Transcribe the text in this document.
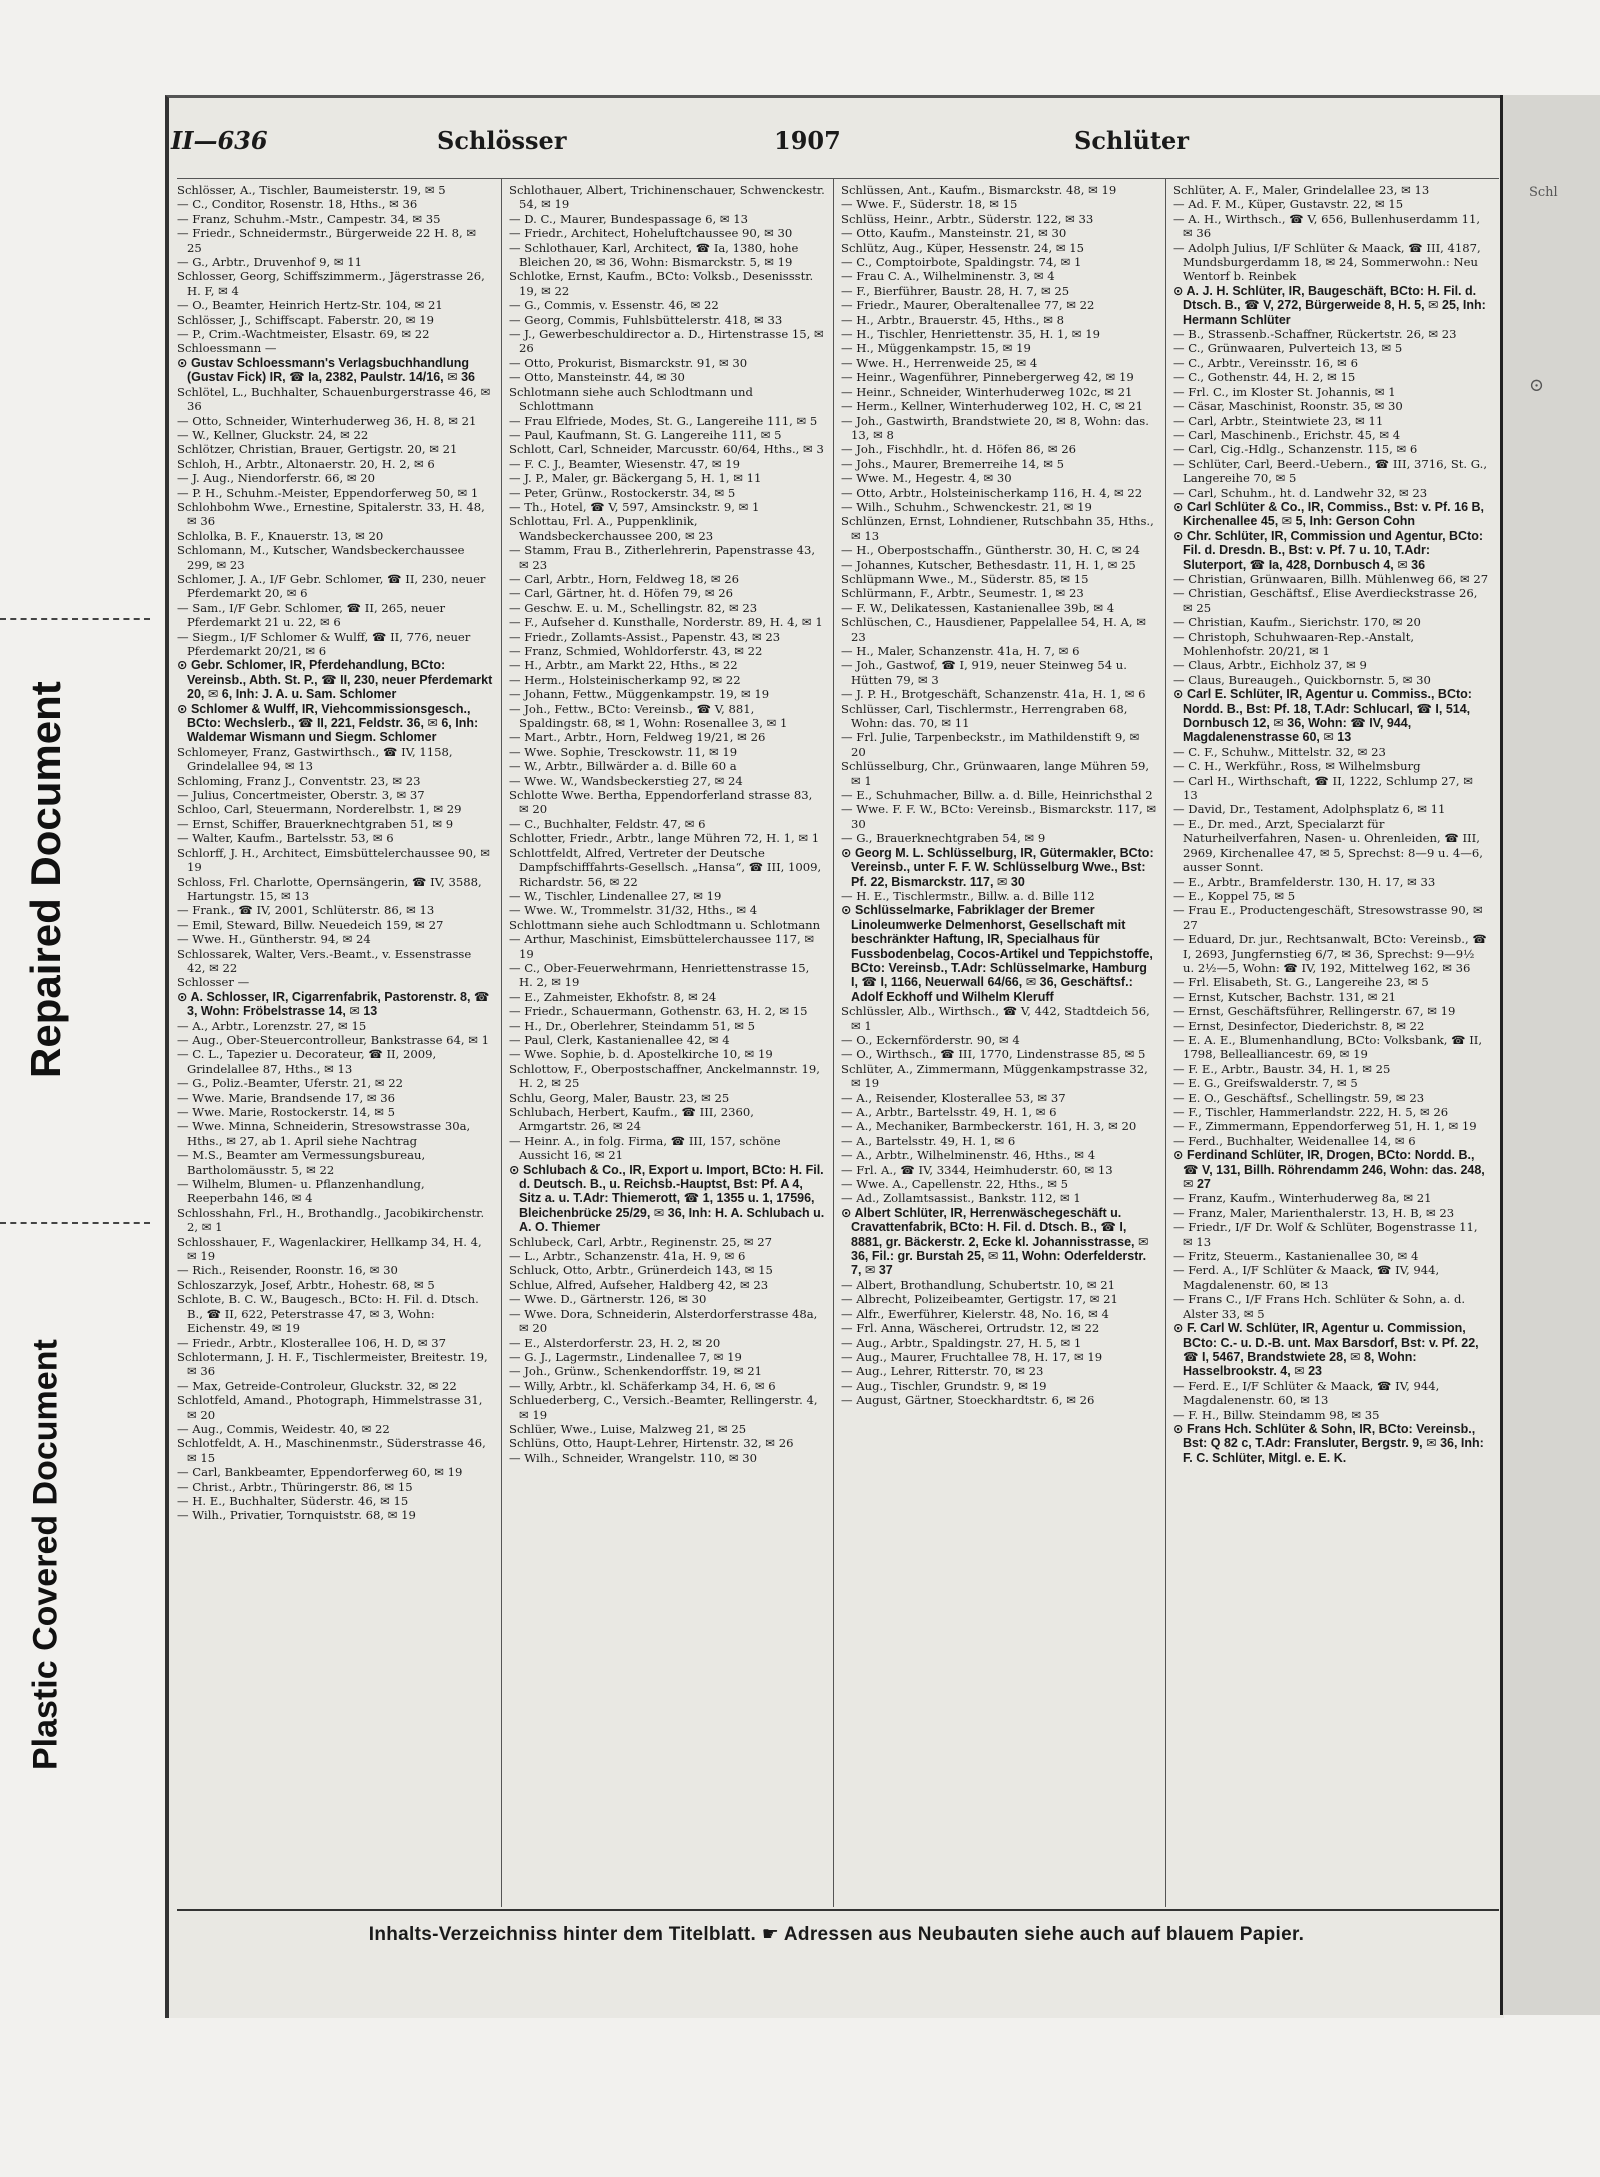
Repaired Document
Plastic Covered Document
II—636	Schlösser	1907	Schlüter

Schlösser, A., Tischler, Baumeisterstr. 19, ✉ 5

— C., Conditor, Rosenstr. 18, Hths., ✉ 36

— Franz, Schuhm.-Mstr., Campestr. 34, ✉ 35

— Friedr., Schneidermstr., Bürgerweide 22 H. 8, ✉ 25

— G., Arbtr., Druvenhof 9, ✉ 11

Schlosser, Georg, Schiffszimmerm., Jägerstrasse 26, H. F, ✉ 4

— O., Beamter, Heinrich Hertz-Str. 104, ✉ 21

Schlösser, J., Schiffscapt. Faberstr. 20, ✉ 19

— P., Crim.-Wachtmeister, Elsastr. 69, ✉ 22

Schloessmann —

⊙ Gustav Schloessmann's Verlagsbuchhandlung (Gustav Fick) IR, ☎ Ia, 2382, Paulstr. 14/16, ✉ 36

Schlötel, L., Buchhalter, Schauenburgerstrasse 46, ✉ 36

— Otto, Schneider, Winterhuderweg 36, H. 8, ✉ 21

— W., Kellner, Gluckstr. 24, ✉ 22

Schlötzer, Christian, Brauer, Gertigstr. 20, ✉ 21

Schloh, H., Arbtr., Altonaerstr. 20, H. 2, ✉ 6

— J. Aug., Niendorferstr. 66, ✉ 20

— P. H., Schuhm.-Meister, Eppendorferweg 50, ✉ 1

Schlohbohm Wwe., Ernestine, Spitalerstr. 33, H. 48, ✉ 36

Schlolka, B. F., Knauerstr. 13, ✉ 20

Schlomann, M., Kutscher, Wandsbeckerchaussee 299, ✉ 23

Schlomer, J. A., I/F Gebr. Schlomer, ☎ II, 230, neuer Pferdemarkt 20, ✉ 6

— Sam., I/F Gebr. Schlomer, ☎ II, 265, neuer Pferdemarkt 21 u. 22, ✉ 6

— Siegm., I/F Schlomer & Wulff, ☎ II, 776, neuer Pferdemarkt 20/21, ✉ 6

⊙ Gebr. Schlomer, IR, Pferdehandlung, BCto: Vereinsb., Abth. St. P., ☎ II, 230, neuer Pferdemarkt 20, ✉ 6, Inh: J. A. u. Sam. Schlomer

⊙ Schlomer & Wulff, IR, Viehcommissionsgesch., BCto: Wechslerb., ☎ II, 221, Feldstr. 36, ✉ 6, Inh: Waldemar Wismann und Siegm. Schlomer

Schlomeyer, Franz, Gastwirthsch., ☎ IV, 1158, Grindelallee 94, ✉ 13

Schloming, Franz J., Conventstr. 23, ✉ 23

— Julius, Concertmeister, Oberstr. 3, ✉ 37

Schloo, Carl, Steuermann, Norderelbstr. 1, ✉ 29

— Ernst, Schiffer, Brauerknechtgraben 51, ✉ 9

— Walter, Kaufm., Bartelsstr. 53, ✉ 6

Schlorff, J. H., Architect, Eimsbüttelerchaussee 90, ✉ 19

Schloss, Frl. Charlotte, Opernsängerin, ☎ IV, 3588, Hartungstr. 15, ✉ 13

— Frank., ☎ IV, 2001, Schlüterstr. 86, ✉ 13

— Emil, Steward, Billw. Neuedeich 159, ✉ 27

— Wwe. H., Güntherstr. 94, ✉ 24

Schlossarek, Walter, Vers.-Beamt., v. Essenstrasse 42, ✉ 22

Schlosser —

⊙ A. Schlosser, IR, Cigarrenfabrik, Pastorenstr. 8, ☎ 3, Wohn: Fröbelstrasse 14, ✉ 13

— A., Arbtr., Lorenzstr. 27, ✉ 15

— Aug., Ober-Steuercontrolleur, Bankstrasse 64, ✉ 1

— C. L., Tapezier u. Decorateur, ☎ II, 2009, Grindelallee 87, Hths., ✉ 13

— G., Poliz.-Beamter, Uferstr. 21, ✉ 22

— Wwe. Marie, Brandsende 17, ✉ 36

— Wwe. Marie, Rostockerstr. 14, ✉ 5

— Wwe. Minna, Schneiderin, Stresowstrasse 30a, Hths., ✉ 27, ab 1. April siehe Nachtrag

— M.S., Beamter am Vermessungsbureau, Bartholomäusstr. 5, ✉ 22

— Wilhelm, Blumen- u. Pflanzenhandlung, Reeperbahn 146, ✉ 4

Schlosshahn, Frl., H., Brothandlg., Jacobikirchenstr. 2, ✉ 1

Schlosshauer, F., Wagenlackirer, Hellkamp 34, H. 4, ✉ 19

— Rich., Reisender, Roonstr. 16, ✉ 30

Schloszarzyk, Josef, Arbtr., Hohestr. 68, ✉ 5

Schlote, B. C. W., Baugesch., BCto: H. Fil. d. Dtsch. B., ☎ II, 622, Peterstrasse 47, ✉ 3, Wohn: Eichenstr. 49, ✉ 19

— Friedr., Arbtr., Klosterallee 106, H. D, ✉ 37

Schlotermann, J. H. F., Tischlermeister, Breitestr. 19, ✉ 36

— Max, Getreide-Controleur, Gluckstr. 32, ✉ 22

Schlotfeld, Amand., Photograph, Himmelstrasse 31, ✉ 20

— Aug., Commis, Weidestr. 40, ✉ 22

Schlotfeldt, A. H., Maschinenmstr., Süderstrasse 46, ✉ 15

— Carl, Bankbeamter, Eppendorferweg 60, ✉ 19

— Christ., Arbtr., Thüringerstr. 86, ✉ 15

— H. E., Buchhalter, Süderstr. 46, ✉ 15

— Wilh., Privatier, Tornquiststr. 68, ✉ 19

Schlothauer, Albert, Trichinenschauer, Schwenckestr. 54, ✉ 19

— D. C., Maurer, Bundespassage 6, ✉ 13

— Friedr., Architect, Hoheluftchaussee 90, ✉ 30

— Schlothauer, Karl, Architect, ☎ Ia, 1380, hohe Bleichen 20, ✉ 36, Wohn: Bismarckstr. 5, ✉ 19

Schlotke, Ernst, Kaufm., BCto: Volksb., Desenissstr. 19, ✉ 22

— G., Commis, v. Essenstr. 46, ✉ 22

— Georg, Commis, Fuhlsbüttelerstr. 418, ✉ 33

— J., Gewerbeschuldirector a. D., Hirtenstrasse 15, ✉ 26

— Otto, Prokurist, Bismarckstr. 91, ✉ 30

— Otto, Mansteinstr. 44, ✉ 30

Schlotmann siehe auch Schlodtmann und Schlottmann

— Frau Elfriede, Modes, St. G., Langereihe 111, ✉ 5

— Paul, Kaufmann, St. G. Langereihe 111, ✉ 5

Schlott, Carl, Schneider, Marcusstr. 60/64, Hths., ✉ 3

— F. C. J., Beamter, Wiesenstr. 47, ✉ 19

— J. P., Maler, gr. Bäckergang 5, H. 1, ✉ 11

— Peter, Grünw., Rostockerstr. 34, ✉ 5

— Th., Hotel, ☎ V, 597, Amsinckstr. 9, ✉ 1

Schlottau, Frl. A., Puppenklinik, Wandsbeckerchaussee 200, ✉ 23

— Stamm, Frau B., Zitherlehrerin, Papenstrasse 43, ✉ 23

— Carl, Arbtr., Horn, Feldweg 18, ✉ 26

— Carl, Gärtner, ht. d. Höfen 79, ✉ 26

— Geschw. E. u. M., Schellingstr. 82, ✉ 23

— F., Aufseher d. Kunsthalle, Norderstr. 89, H. 4, ✉ 1

— Friedr., Zollamts-Assist., Papenstr. 43, ✉ 23

— Franz, Schmied, Wohldorferstr. 43, ✉ 22

— H., Arbtr., am Markt 22, Hths., ✉ 22

— Herm., Holsteinischerkamp 92, ✉ 22

— Johann, Fettw., Müggenkampstr. 19, ✉ 19

— Joh., Fettw., BCto: Vereinsb., ☎ V, 881, Spaldingstr. 68, ✉ 1, Wohn: Rosenallee 3, ✉ 1

— Mart., Arbtr., Horn, Feldweg 19/21, ✉ 26

— Wwe. Sophie, Tresckowstr. 11, ✉ 19

— W., Arbtr., Billwärder a. d. Bille 60 a

— Wwe. W., Wandsbeckerstieg 27, ✉ 24

Schlotte Wwe. Bertha, Eppendorferland strasse 83, ✉ 20

— C., Buchhalter, Feldstr. 47, ✉ 6

Schlotter, Friedr., Arbtr., lange Mühren 72, H. 1, ✉ 1

Schlottfeldt, Alfred, Vertreter der Deutsche Dampfschifffahrts-Gesellsch. „Hansa“, ☎ III, 1009, Richardstr. 56, ✉ 22

— W., Tischler, Lindenallee 27, ✉ 19

— Wwe. W., Trommelstr. 31/32, Hths., ✉ 4

Schlottmann siehe auch Schlodtmann u. Schlotmann

— Arthur, Maschinist, Eimsbüttelerchaussee 117, ✉ 19

— C., Ober-Feuerwehrmann, Henriettenstrasse 15, H. 2, ✉ 19

— E., Zahmeister, Ekhofstr. 8, ✉ 24

— Friedr., Schauermann, Gothenstr. 63, H. 2, ✉ 15

— H., Dr., Oberlehrer, Steindamm 51, ✉ 5

— Paul, Clerk, Kastanienallee 42, ✉ 4

— Wwe. Sophie, b. d. Apostelkirche 10, ✉ 19

Schlottow, F., Oberpostschaffner, Anckelmannstr. 19, H. 2, ✉ 25

Schlu, Georg, Maler, Baustr. 23, ✉ 25

Schlubach, Herbert, Kaufm., ☎ III, 2360, Armgartstr. 26, ✉ 24

— Heinr. A., in folg. Firma, ☎ III, 157, schöne Aussicht 16, ✉ 21

⊙ Schlubach & Co., IR, Export u. Import, BCto: H. Fil. d. Deutsch. B., u. Reichsb.-Hauptst, Bst: Pf. A 4, Sitz a. u. T.Adr: Thiemerott, ☎ 1, 1355 u. 1, 17596, Bleichenbrücke 25/29, ✉ 36, Inh: H. A. Schlubach u. A. O. Thiemer

Schlubeck, Carl, Arbtr., Reginenstr. 25, ✉ 27

— L., Arbtr., Schanzenstr. 41a, H. 9, ✉ 6

Schluck, Otto, Arbtr., Grünerdeich 143, ✉ 15

Schlue, Alfred, Aufseher, Haldberg 42, ✉ 23

— Wwe. D., Gärtnerstr. 126, ✉ 30

— Wwe. Dora, Schneiderin, Alsterdorferstrasse 48a, ✉ 20

— E., Alsterdorferstr. 23, H. 2, ✉ 20

— G. J., Lagermstr., Lindenallee 7, ✉ 19

— Joh., Grünw., Schenkendorffstr. 19, ✉ 21

— Willy, Arbtr., kl. Schäferkamp 34, H. 6, ✉ 6

Schluederberg, C., Versich.-Beamter, Rellingerstr. 4, ✉ 19

Schlüer, Wwe., Luise, Malzweg 21, ✉ 25

Schlüns, Otto, Haupt-Lehrer, Hirtenstr. 32, ✉ 26

— Wilh., Schneider, Wrangelstr. 110, ✉ 30

Schlüssen, Ant., Kaufm., Bismarckstr. 48, ✉ 19

— Wwe. F., Süderstr. 18, ✉ 15

Schlüss, Heinr., Arbtr., Süderstr. 122, ✉ 33

— Otto, Kaufm., Mansteinstr. 21, ✉ 30

Schlütz, Aug., Küper, Hessenstr. 24, ✉ 15

— C., Comptoirbote, Spaldingstr. 74, ✉ 1

— Frau C. A., Wilhelminenstr. 3, ✉ 4

— F., Bierführer, Baustr. 28, H. 7, ✉ 25

— Friedr., Maurer, Oberaltenallee 77, ✉ 22

— H., Arbtr., Brauerstr. 45, Hths., ✉ 8

— H., Tischler, Henriettenstr. 35, H. 1, ✉ 19

— H., Müggenkampstr. 15, ✉ 19

— Wwe. H., Herrenweide 25, ✉ 4

— Heinr., Wagenführer, Pinnebergerweg 42, ✉ 19

— Heinr., Schneider, Winterhuderweg 102c, ✉ 21

— Herm., Kellner, Winterhuderweg 102, H. C, ✉ 21

— Joh., Gastwirth, Brandstwiete 20, ✉ 8, Wohn: das. 13, ✉ 8

— Joh., Fischhdlr., ht. d. Höfen 86, ✉ 26

— Johs., Maurer, Bremerreihe 14, ✉ 5

— Wwe. M., Hegestr. 4, ✉ 30

— Otto, Arbtr., Holsteinischerkamp 116, H. 4, ✉ 22

— Wilh., Schuhm., Schwenckestr. 21, ✉ 19

Schlünzen, Ernst, Lohndiener, Rutschbahn 35, Hths., ✉ 13

— H., Oberpostschaffn., Güntherstr. 30, H. C, ✉ 24

— Johannes, Kutscher, Bethesdastr. 11, H. 1, ✉ 25

Schlüpmann Wwe., M., Süderstr. 85, ✉ 15

Schlürmann, F., Arbtr., Seumestr. 1, ✉ 23

— F. W., Delikatessen, Kastanienallee 39b, ✉ 4

Schlüschen, C., Hausdiener, Pappelallee 54, H. A, ✉ 23

— H., Maler, Schanzenstr. 41a, H. 7, ✉ 6

— Joh., Gastwof, ☎ I, 919, neuer Steinweg 54 u. Hütten 79, ✉ 3

— J. P. H., Brotgeschäft, Schanzenstr. 41a, H. 1, ✉ 6

Schlüsser, Carl, Tischlermstr., Herrengraben 68, Wohn: das. 70, ✉ 11

— Frl. Julie, Tarpenbeckstr., im Mathildenstift 9, ✉ 20

Schlüsselburg, Chr., Grünwaaren, lange Mühren 59, ✉ 1

— E., Schuhmacher, Billw. a. d. Bille, Heinrichsthal 2

— Wwe. F. F. W., BCto: Vereinsb., Bismarckstr. 117, ✉ 30

— G., Brauerknechtgraben 54, ✉ 9

⊙ Georg M. L. Schlüsselburg, IR, Gütermakler, BCto: Vereinsb., unter F. F. W. Schlüsselburg Wwe., Bst: Pf. 22, Bismarckstr. 117, ✉ 30

— H. E., Tischlermstr., Billw. a. d. Bille 112

⊙ Schlüsselmarke, Fabriklager der Bremer Linoleumwerke Delmenhorst, Gesellschaft mit beschränkter Haftung, IR, Specialhaus für Fussbodenbelag, Cocos-Artikel und Teppichstoffe, BCto: Vereinsb., T.Adr: Schlüsselmarke, Hamburg I, ☎ I, 1166, Neuerwall 64/66, ✉ 36, Geschäftsf.: Adolf Eckhoff und Wilhelm Kleruff

Schlüssler, Alb., Wirthsch., ☎ V, 442, Stadtdeich 56, ✉ 1

— O., Eckernförderstr. 90, ✉ 4

— O., Wirthsch., ☎ III, 1770, Lindenstrasse 85, ✉ 5

Schlüter, A., Zimmermann, Müggenkampstrasse 32, ✉ 19

— A., Reisender, Klosterallee 53, ✉ 37

— A., Arbtr., Bartelsstr. 49, H. 1, ✉ 6

— A., Mechaniker, Barmbeckerstr. 161, H. 3, ✉ 20

— A., Bartelsstr. 49, H. 1, ✉ 6

— A., Arbtr., Wilhelminenstr. 46, Hths., ✉ 4

— Frl. A., ☎ IV, 3344, Heimhuderstr. 60, ✉ 13

— Wwe. A., Capellenstr. 22, Hths., ✉ 5

— Ad., Zollamtsassist., Bankstr. 112, ✉ 1

⊙ Albert Schlüter, IR, Herrenwäschegeschäft u. Cravattenfabrik, BCto: H. Fil. d. Dtsch. B., ☎ I, 8881, gr. Bäckerstr. 2, Ecke kl. Johannisstrasse, ✉ 36, Fil.: gr. Burstah 25, ✉ 11, Wohn: Oderfelderstr. 7, ✉ 37

— Albert, Brothandlung, Schubertstr. 10, ✉ 21

— Albrecht, Polizeibeamter, Gertigstr. 17, ✉ 21

— Alfr., Ewerführer, Kielerstr. 48, No. 16, ✉ 4

— Frl. Anna, Wäscherei, Ortrudstr. 12, ✉ 22

— Aug., Arbtr., Spaldingstr. 27, H. 5, ✉ 1

— Aug., Maurer, Fruchtallee 78, H. 17, ✉ 19

— Aug., Lehrer, Ritterstr. 70, ✉ 23

— Aug., Tischler, Grundstr. 9, ✉ 19

— August, Gärtner, Stoeckhardtstr. 6, ✉ 26

Schlüter, A. F., Maler, Grindelallee 23, ✉ 13

— Ad. F. M., Küper, Gustavstr. 22, ✉ 15

— A. H., Wirthsch., ☎ V, 656, Bullenhuserdamm 11, ✉ 36

— Adolph Julius, I/F Schlüter & Maack, ☎ III, 4187, Mundsburgerdamm 18, ✉ 24, Sommerwohn.: Neu Wentorf b. Reinbek

⊙ A. J. H. Schlüter, IR, Baugeschäft, BCto: H. Fil. d. Dtsch. B., ☎ V, 272, Bürgerweide 8, H. 5, ✉ 25, Inh: Hermann Schlüter

— B., Strassenb.-Schaffner, Rückertstr. 26, ✉ 23

— C., Grünwaaren, Pulverteich 13, ✉ 5

— C., Arbtr., Vereinsstr. 16, ✉ 6

— C., Gothenstr. 44, H. 2, ✉ 15

— Frl. C., im Kloster St. Johannis, ✉ 1

— Cäsar, Maschinist, Roonstr. 35, ✉ 30

— Carl, Arbtr., Steintwiete 23, ✉ 11

— Carl, Maschinenb., Erichstr. 45, ✉ 4

— Carl, Cig.-Hdlg., Schanzenstr. 115, ✉ 6

— Schlüter, Carl, Beerd.-Uebern., ☎ III, 3716, St. G., Langereihe 70, ✉ 5

— Carl, Schuhm., ht. d. Landwehr 32, ✉ 23

⊙ Carl Schlüter & Co., IR, Commiss., Bst: v. Pf. 16 B, Kirchenallee 45, ✉ 5, Inh: Gerson Cohn

⊙ Chr. Schlüter, IR, Commission und Agentur, BCto: Fil. d. Dresdn. B., Bst: v. Pf. 7 u. 10, T.Adr: Sluterport, ☎ Ia, 428, Dornbusch 4, ✉ 36

— Christian, Grünwaaren, Billh. Mühlenweg 66, ✉ 27

— Christian, Geschäftsf., Elise Averdieckstrasse 26, ✉ 25

— Christian, Kaufm., Sierichstr. 170, ✉ 20

— Christoph, Schuhwaaren-Rep.-Anstalt, Mohlenhofstr. 20/21, ✉ 1

— Claus, Arbtr., Eichholz 37, ✉ 9

— Claus, Bureaugeh., Quickbornstr. 5, ✉ 30

⊙ Carl E. Schlüter, IR, Agentur u. Commiss., BCto: Nordd. B., Bst: Pf. 18, T.Adr: Schlucarl, ☎ I, 514, Dornbusch 12, ✉ 36, Wohn: ☎ IV, 944, Magdalenenstrasse 60, ✉ 13

— C. F., Schuhw., Mittelstr. 32, ✉ 23

— C. H., Werkführ., Ross, ✉ Wilhelmsburg

— Carl H., Wirthschaft, ☎ II, 1222, Schlump 27, ✉ 13

— David, Dr., Testament, Adolphsplatz 6, ✉ 11

— E., Dr. med., Arzt, Specialarzt für Naturheilverfahren, Nasen- u. Ohrenleiden, ☎ III, 2969, Kirchenallee 47, ✉ 5, Sprechst: 8—9 u. 4—6, ausser Sonnt.

— E., Arbtr., Bramfelderstr. 130, H. 17, ✉ 33

— E., Koppel 75, ✉ 5

— Frau E., Productengeschäft, Stresowstrasse 90, ✉ 27

— Eduard, Dr. jur., Rechtsanwalt, BCto: Vereinsb., ☎ I, 2693, Jungfernstieg 6/7, ✉ 36, Sprechst: 9—9½ u. 2½—5, Wohn: ☎ IV, 192, Mittelweg 162, ✉ 36

— Frl. Elisabeth, St. G., Langereihe 23, ✉ 5

— Ernst, Kutscher, Bachstr. 131, ✉ 21

— Ernst, Geschäftsführer, Rellingerstr. 67, ✉ 19

— Ernst, Desinfector, Diederichstr. 8, ✉ 22

— E. A. E., Blumenhandlung, BCto: Volksbank, ☎ II, 1798, Bellealliancestr. 69, ✉ 19

— F. E., Arbtr., Baustr. 34, H. 1, ✉ 25

— E. G., Greifswalderstr. 7, ✉ 5

— E. O., Geschäftsf., Schellingstr. 59, ✉ 23

— F., Tischler, Hammerlandstr. 222, H. 5, ✉ 26

— F., Zimmermann, Eppendorferweg 51, H. 1, ✉ 19

— Ferd., Buchhalter, Weidenallee 14, ✉ 6

⊙ Ferdinand Schlüter, IR, Drogen, BCto: Nordd. B., ☎ V, 131, Billh. Röhrendamm 246, Wohn: das. 248, ✉ 27

— Franz, Kaufm., Winterhuderweg 8a, ✉ 21

— Franz, Maler, Marienthalerstr. 13, H. B, ✉ 23

— Friedr., I/F Dr. Wolf & Schlüter, Bogenstrasse 11, ✉ 13

— Fritz, Steuerm., Kastanienallee 30, ✉ 4

— Ferd. A., I/F Schlüter & Maack, ☎ IV, 944, Magdalenenstr. 60, ✉ 13

— Frans C., I/F Frans Hch. Schlüter & Sohn, a. d. Alster 33, ✉ 5

⊙ F. Carl W. Schlüter, IR, Agentur u. Commission, BCto: C.- u. D.-B. unt. Max Barsdorf, Bst: v. Pf. 22, ☎ I, 5467, Brandstwiete 28, ✉ 8, Wohn: Hasselbrookstr. 4, ✉ 23

— Ferd. E., I/F Schlüter & Maack, ☎ IV, 944, Magdalenenstr. 60, ✉ 13

— F. H., Billw. Steindamm 98, ✉ 35

⊙ Frans Hch. Schlüter & Sohn, IR, BCto: Vereinsb., Bst: Q 82 c, T.Adr: Fransluter, Bergstr. 9, ✉ 36, Inh: F. C. Schlüter, Mitgl. e. E. K.

Inhalts-Verzeichniss hinter dem Titelblatt. ☛ Adressen aus Neubauten siehe auch auf blauem Papier.
Schl
⊙
